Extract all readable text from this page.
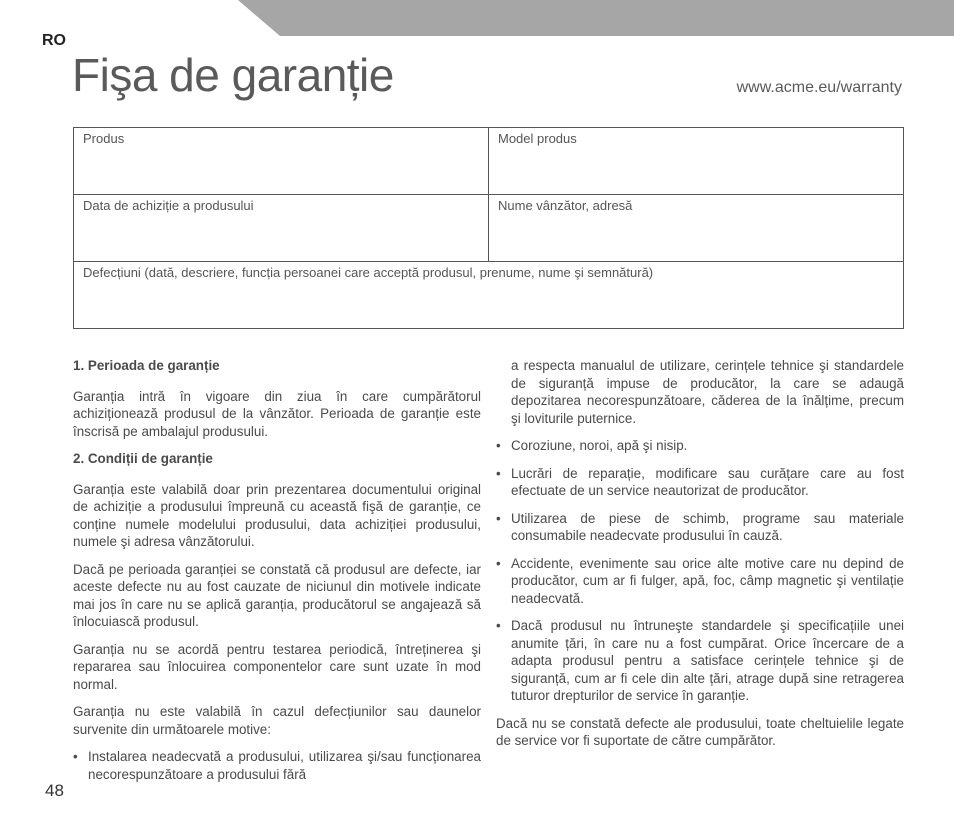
RO
Fişa de garanție	www.acme.eu/warranty
Produs	Model produs
Data de achiziție a produsului	Nume vânzător, adresă
Defecțiuni (dată, descriere, funcția persoanei care acceptă produsul, prenume, nume şi semnătură)
1. Perioada de garanție

Garanția intră în vigoare din ziua în care cumpărătorul achiziționează produsul de la vânzător. Perioada de garanție este înscrisă pe ambalajul produsului.

2. Condiții de garanție

Garanția este valabilă doar prin prezentarea documentului original de achiziție a produsului împreună cu această fişă de garanție, ce conține numele modelului produsului, data achiziției produsului, numele şi adresa vânzătorului.

Dacă pe perioada garanției se constată că produsul are defecte, iar aceste defecte nu au fost cauzate de niciunul din motivele indicate mai jos în care nu se aplică garanția, producătorul se angajează să înlocuiască produsul.

Garanția nu se acordă pentru testarea periodică, întreținerea şi repararea sau înlocuirea componentelor care sunt uzate în mod normal.

Garanția nu este valabilă în cazul defecțiunilor sau daunelor survenite din următoarele motive:

• Instalarea neadecvată a produsului, utilizarea şi/sau funcționarea necorespunzătoare a produsului fără
a respecta manualul de utilizare, cerințele tehnice şi standardele de siguranță impuse de producător, la care se adaugă depozitarea necorespunzătoare, căderea de la înălțime, precum şi loviturile puternice.
• Coroziune, noroi, apă şi nisip.
• Lucrări de reparație, modificare sau curățare care au fost efectuate de un service neautorizat de producător.
• Utilizarea de piese de schimb, programe sau materiale consumabile neadecvate produsului în cauză.
• Accidente, evenimente sau orice alte motive care nu depind de producător, cum ar fi fulger, apă, foc, câmp magnetic şi ventilație neadecvată.
• Dacă produsul nu întruneşte standardele şi specificațiile unei anumite țări, în care nu a fost cumpărat. Orice încercare de a adapta produsul pentru a satisface cerințele tehnice şi de siguranță, cum ar fi cele din alte țări, atrage după sine retragerea tuturor drepturilor de service în garanție.

Dacă nu se constată defecte ale produsului, toate cheltuielile legate de service vor fi suportate de către cumpărător.

48
